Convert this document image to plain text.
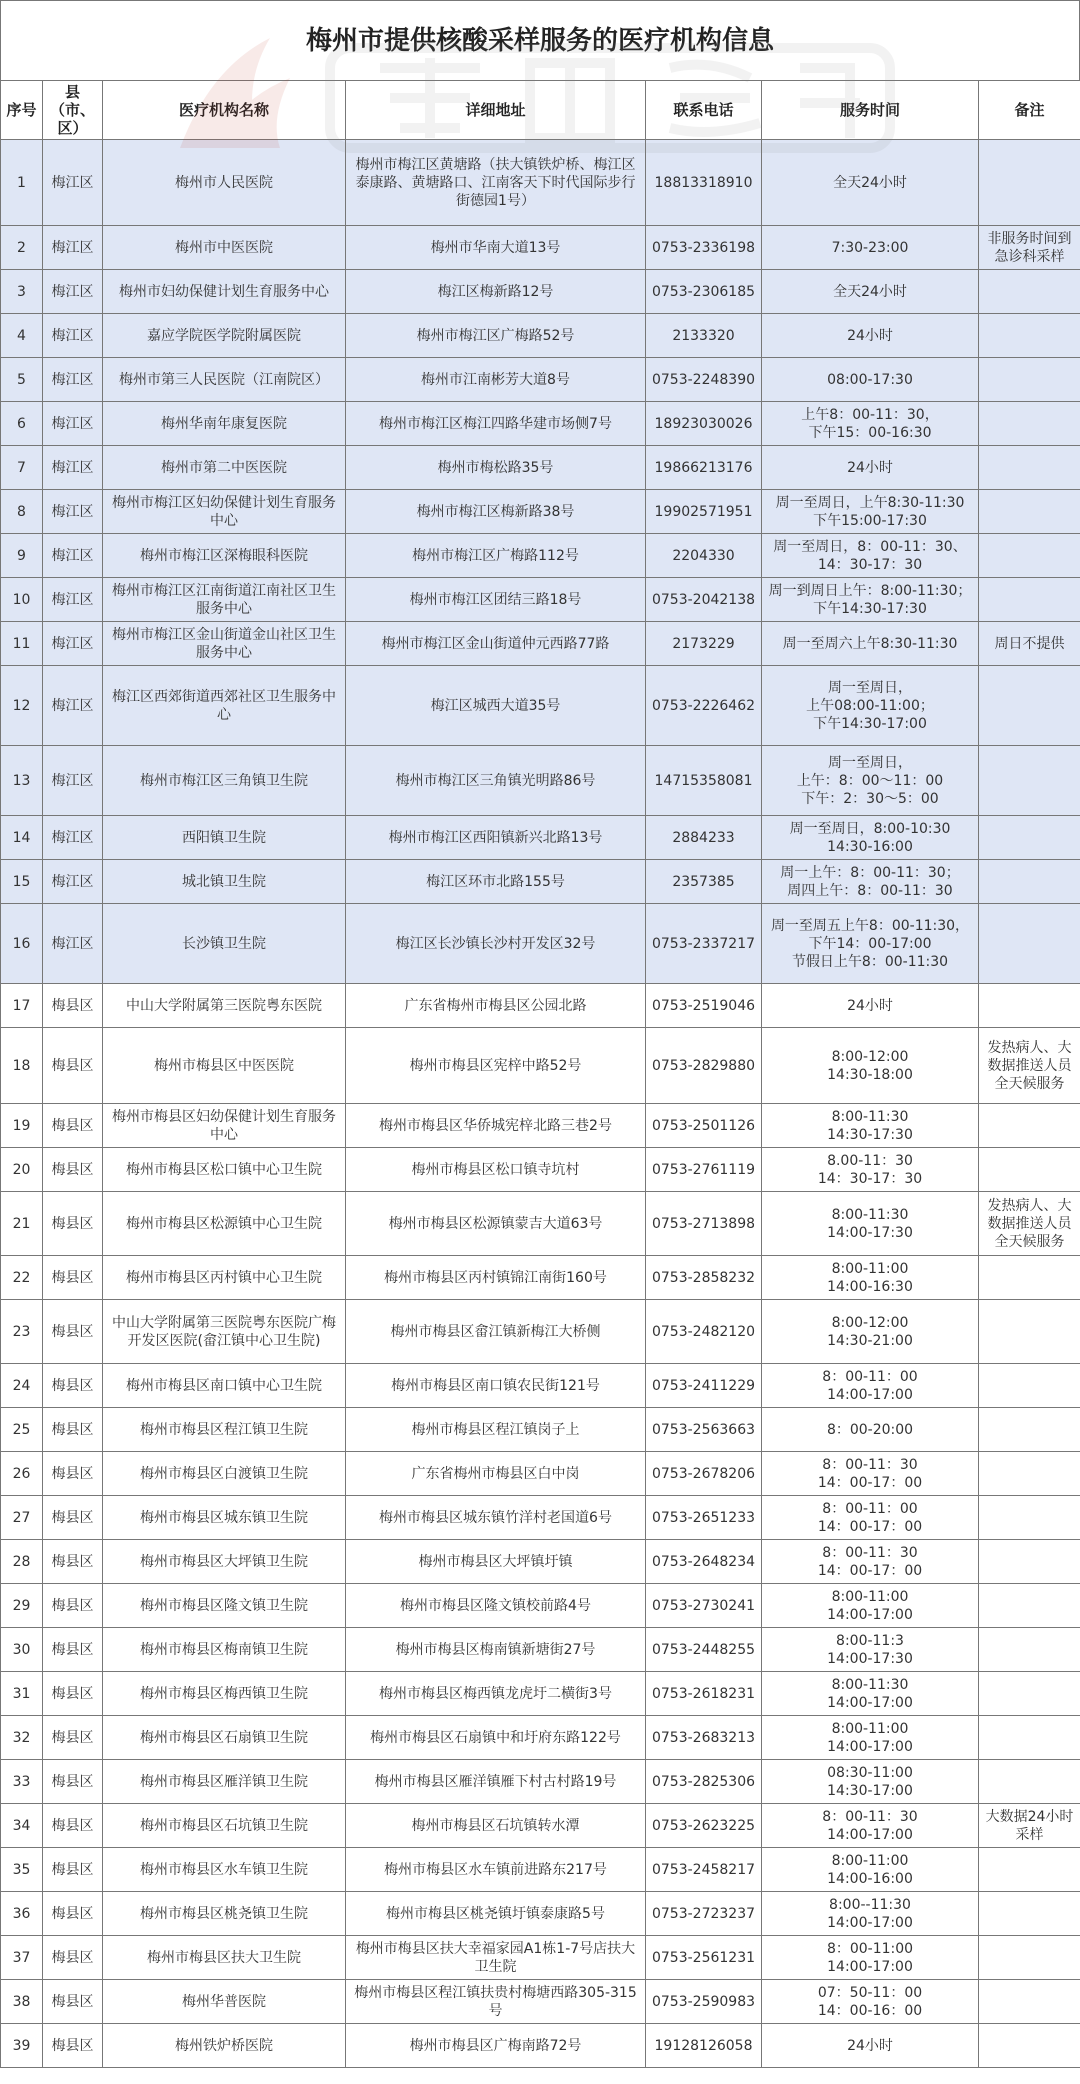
梅州市提供核酸采样服务的医疗机构信息
序号	县（市、区）	医疗机构名称	详细地址	联系电话	服务时间	备注
1	梅江区	梅州市人民医院	梅州市梅江区黄塘路（扶大镇铁炉桥、梅江区泰康路、黄塘路口、江南客天下时代国际步行街德园1号）	18813318910	全天24小时	
2	梅江区	梅州市中医医院	梅州市华南大道13号	0753-2336198	7:30-23:00	非服务时间到急诊科采样
3	梅江区	梅州市妇幼保健计划生育服务中心	梅江区梅新路12号	0753-2306185	全天24小时	
4	梅江区	嘉应学院医学院附属医院	梅州市梅江区广梅路52号	2133320	24小时	
5	梅江区	梅州市第三人民医院（江南院区）	梅州市江南彬芳大道8号	0753-2248390	08:00-17:30	
6	梅江区	梅州华南年康复医院	梅州市梅江区梅江四路华建市场侧7号	18923030026	上午8：00-11：30，
下午15：00-16:30	
7	梅江区	梅州市第二中医医院	梅州市梅松路35号	19866213176	24小时	
8	梅江区	梅州市梅江区妇幼保健计划生育服务中心	梅州市梅江区梅新路38号	19902571951	周一至周日，上午8:30-11:30
下午15:00-17:30	
9	梅江区	梅州市梅江区深梅眼科医院	梅州市梅江区广梅路112号	2204330	周一至周日，8：00-11：30、
14：30-17：30	
10	梅江区	梅州市梅江区江南街道江南社区卫生服务中心	梅州市梅江区团结三路18号	0753-2042138	周一到周日上午：8:00-11:30；
下午14:30-17:30	
11	梅江区	梅州市梅江区金山街道金山社区卫生服务中心	梅州市梅江区金山街道仲元西路77路	2173229	周一至周六上午8:30-11:30	周日不提供
12	梅江区	梅江区西郊街道西郊社区卫生服务中心	梅江区城西大道35号	0753-2226462	周一至周日，
上午08:00-11:00；
下午14:30-17:00	
13	梅江区	梅州市梅江区三角镇卫生院	梅州市梅江区三角镇光明路86号	14715358081	周一至周日，
上午：8：00～11：00
下午：2：30～5：00	
14	梅江区	西阳镇卫生院	梅州市梅江区西阳镇新兴北路13号	2884233	周一至周日，8:00-10:30
14:30-16:00	
15	梅江区	城北镇卫生院	梅江区环市北路155号	2357385	周一上午：8：00-11：30；
周四上午：8：00-11：30	
16	梅江区	长沙镇卫生院	梅江区长沙镇长沙村开发区32号	0753-2337217	周一至周五上午8：00-11:30，
下午14：00-17:00
节假日上午8：00-11:30	
17	梅县区	中山大学附属第三医院粤东医院	广东省梅州市梅县区公园北路	0753-2519046	24小时	
18	梅县区	梅州市梅县区中医医院	梅州市梅县区宪梓中路52号	0753-2829880	8:00-12:00
14:30-18:00	发热病人、大数据推送人员全天候服务
19	梅县区	梅州市梅县区妇幼保健计划生育服务中心	梅州市梅县区华侨城宪梓北路三巷2号	0753-2501126	8:00-11:30
14:30-17:30	
20	梅县区	梅州市梅县区松口镇中心卫生院	梅州市梅县区松口镇寺坑村	0753-2761119	8.00-11：30
14：30-17：30	
21	梅县区	梅州市梅县区松源镇中心卫生院	梅州市梅县区松源镇蒙吉大道63号	0753-2713898	8:00-11:30
14:00-17:30	发热病人、大数据推送人员全天候服务
22	梅县区	梅州市梅县区丙村镇中心卫生院	梅州市梅县区丙村镇锦江南街160号	0753-2858232	8:00-11:00
14:00-16:30	
23	梅县区	中山大学附属第三医院粤东医院广梅开发区医院(畲江镇中心卫生院)	梅州市梅县区畲江镇新梅江大桥侧	0753-2482120	8:00-12:00
14:30-21:00	
24	梅县区	梅州市梅县区南口镇中心卫生院	梅州市梅县区南口镇农民街121号	0753-2411229	8：00-11：00
14:00-17:00	
25	梅县区	梅州市梅县区程江镇卫生院	梅州市梅县区程江镇岗子上	0753-2563663	8：00-20:00	
26	梅县区	梅州市梅县区白渡镇卫生院	广东省梅州市梅县区白中岗	0753-2678206	8：00-11：30
14：00-17：00	
27	梅县区	梅州市梅县区城东镇卫生院	梅州市梅县区城东镇竹洋村老国道6号	0753-2651233	8：00-11：00
14：00-17：00	
28	梅县区	梅州市梅县区大坪镇卫生院	梅州市梅县区大坪镇圩镇	0753-2648234	8：00-11：30
14：00-17：00	
29	梅县区	梅州市梅县区隆文镇卫生院	梅州市梅县区隆文镇校前路4号	0753-2730241	8:00-11:00
14:00-17:00	
30	梅县区	梅州市梅县区梅南镇卫生院	梅州市梅县区梅南镇新塘街27号	0753-2448255	8:00-11:3
14:00-17:30	
31	梅县区	梅州市梅县区梅西镇卫生院	梅州市梅县区梅西镇龙虎圩二横街3号	0753-2618231	8:00-11:30
14:00-17:00	
32	梅县区	梅州市梅县区石扇镇卫生院	梅州市梅县区石扇镇中和圩府东路122号	0753-2683213	8:00-11:00
14:00-17:00	
33	梅县区	梅州市梅县区雁洋镇卫生院	梅州市梅县区雁洋镇雁下村古村路19号	0753-2825306	08:30-11:00
14:30-17:00	
34	梅县区	梅州市梅县区石坑镇卫生院	梅州市梅县区石坑镇转水潭	0753-2623225	8：00-11：30
14:00-17:00	大数据24小时采样
35	梅县区	梅州市梅县区水车镇卫生院	梅州市梅县区水车镇前进路东217号	0753-2458217	8:00-11:00
14:00-16:00	
36	梅县区	梅州市梅县区桃尧镇卫生院	梅州市梅县区桃尧镇圩镇泰康路5号	0753-2723237	8:00--11:30
14:00-17:00	
37	梅县区	梅州市梅县区扶大卫生院	梅州市梅县区扶大幸福家园A1栋1-7号店扶大卫生院	0753-2561231	8：00-11:00
14:00-17:00	
38	梅县区	梅州华普医院	梅州市梅县区程江镇扶贵村梅塘西路305-315号	0753-2590983	07：50-11：00
14：00-16：00	
39	梅县区	梅州铁炉桥医院	梅州市梅县区广梅南路72号	19128126058	24小时	
